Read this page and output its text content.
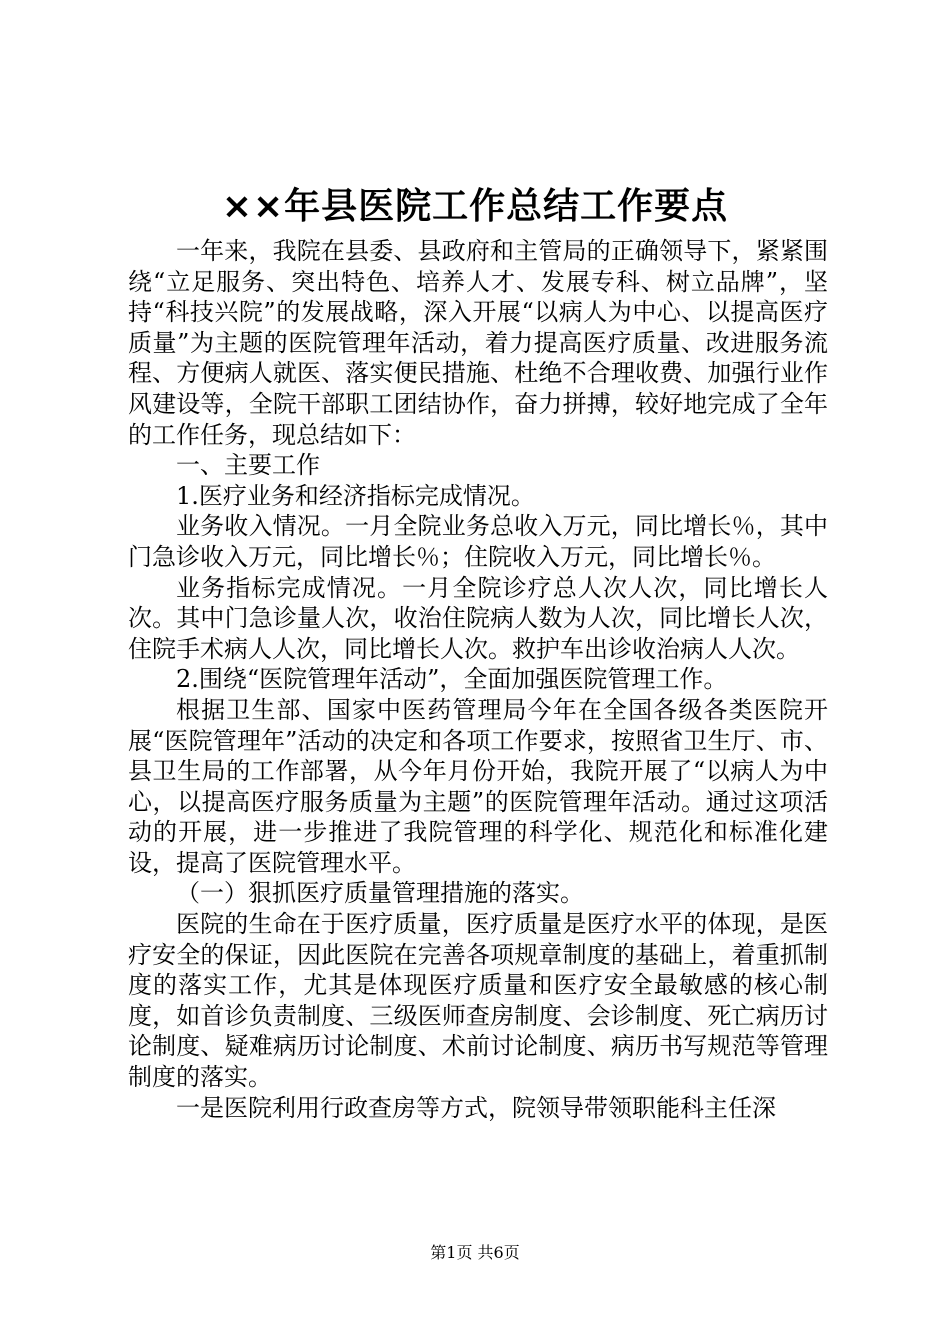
××年县医院工作总结工作要点

一年来，我院在县委、县政府和主管局的正确领导下，紧紧围绕“立足服务、突出特色、培养人才、发展专科、树立品牌”，坚持“科技兴院”的发展战略，深入开展“以病人为中心、以提高医疗质量”为主题的医院管理年活动，着力提高医疗质量、改进服务流程、方便病人就医、落实便民措施、杜绝不合理收费、加强行业作风建设等，全院干部职工团结协作，奋力拼搏，较好地完成了全年的工作任务，现总结如下：

一、主要工作

1.医疗业务和经济指标完成情况。

业务收入情况。一月全院业务总收入万元，同比增长％，其中门急诊收入万元，同比增长％；住院收入万元，同比增长％。

业务指标完成情况。一月全院诊疗总人次人次，同比增长人次。其中门急诊量人次，收治住院病人数为人次，同比增长人次，住院手术病人人次，同比增长人次。救护车出诊收治病人人次。

2.围绕“医院管理年活动”，全面加强医院管理工作。

根据卫生部、国家中医药管理局今年在全国各级各类医院开展“医院管理年”活动的决定和各项工作要求，按照省卫生厅、市、县卫生局的工作部署，从今年月份开始，我院开展了“以病人为中心，以提高医疗服务质量为主题”的医院管理年活动。通过这项活动的开展，进一步推进了我院管理的科学化、规范化和标准化建设，提高了医院管理水平。

（一）狠抓医疗质量管理措施的落实。

医院的生命在于医疗质量，医疗质量是医疗水平的体现，是医疗安全的保证，因此医院在完善各项规章制度的基础上，着重抓制度的落实工作，尤其是体现医疗质量和医疗安全最敏感的核心制度，如首诊负责制度、三级医师查房制度、会诊制度、死亡病历讨论制度、疑难病历讨论制度、术前讨论制度、病历书写规范等管理制度的落实。

一是医院利用行政查房等方式，院领导带领职能科主任深

第1页 共6页
